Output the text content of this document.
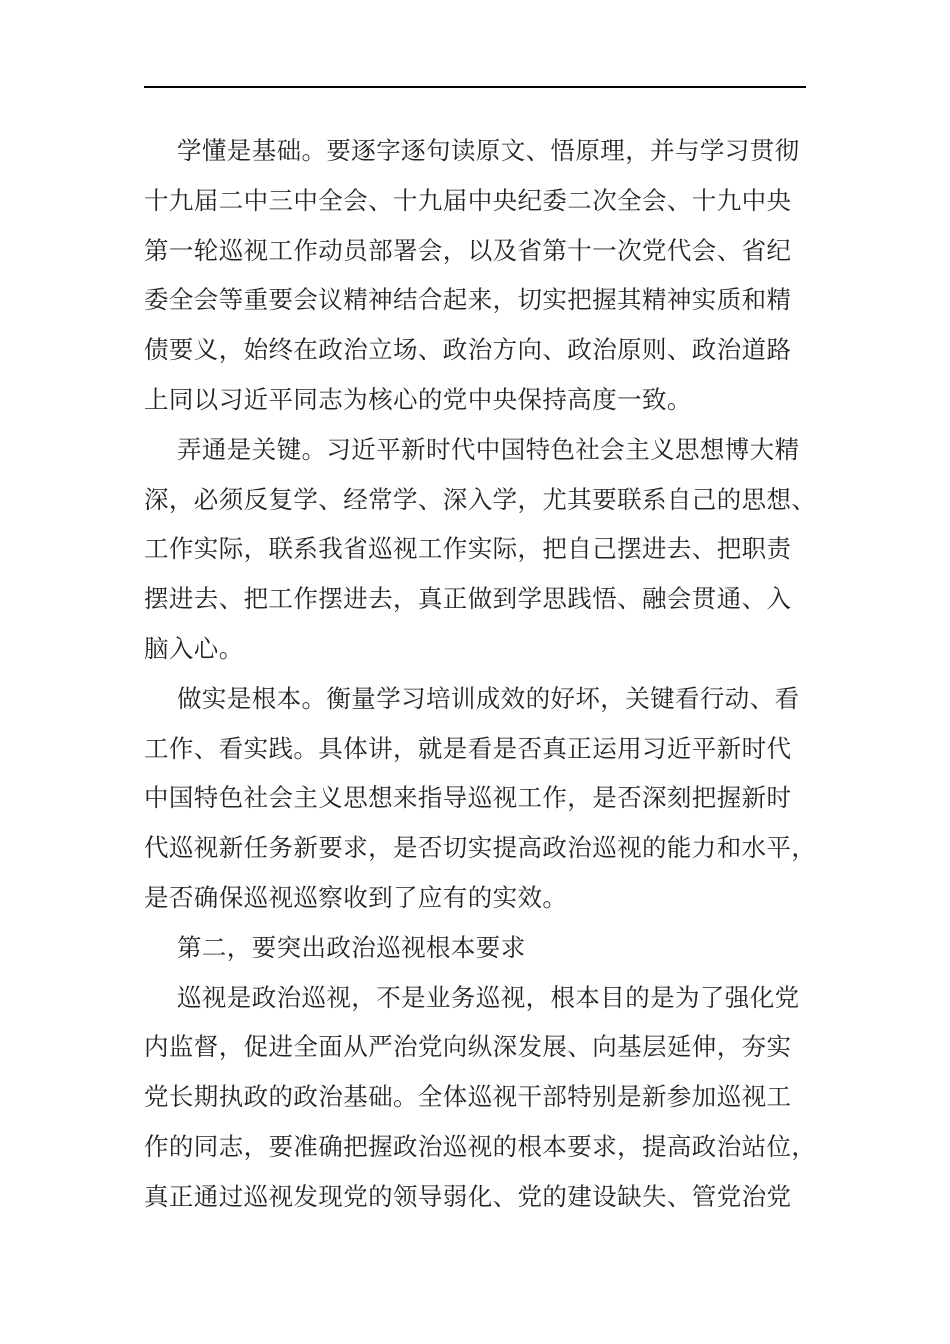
学懂是基础。要逐字逐句读原文、悟原理，并与学习贯彻
十九届二中三中全会、十九届中央纪委二次全会、十九中央
第一轮巡视工作动员部署会，以及省第十一次党代会、省纪
委全会等重要会议精神结合起来，切实把握其精神实质和精
债要义，始终在政治立场、政治方向、政治原则、政治道路
上同以习近平同志为核心的党中央保持高度一致。
弄通是关键。习近平新时代中国特色社会主义思想博大精
深，必须反复学、经常学、深入学，尤其要联系自己的思想、
工作实际，联系我省巡视工作实际，把自己摆进去、把职责
摆进去、把工作摆进去，真正做到学思践悟、融会贯通、入
脑入心。
做实是根本。衡量学习培训成效的好坏，关键看行动、看
工作、看实践。具体讲，就是看是否真正运用习近平新时代
中国特色社会主义思想来指导巡视工作，是否深刻把握新时
代巡视新任务新要求，是否切实提高政治巡视的能力和水平，
是否确保巡视巡察收到了应有的实效。
第二，要突出政治巡视根本要求
巡视是政治巡视，不是业务巡视，根本目的是为了强化党
内监督，促进全面从严治党向纵深发展、向基层延伸，夯实
党长期执政的政治基础。全体巡视干部特别是新参加巡视工
作的同志，要准确把握政治巡视的根本要求，提高政治站位，
真正通过巡视发现党的领导弱化、党的建设缺失、管党治党
